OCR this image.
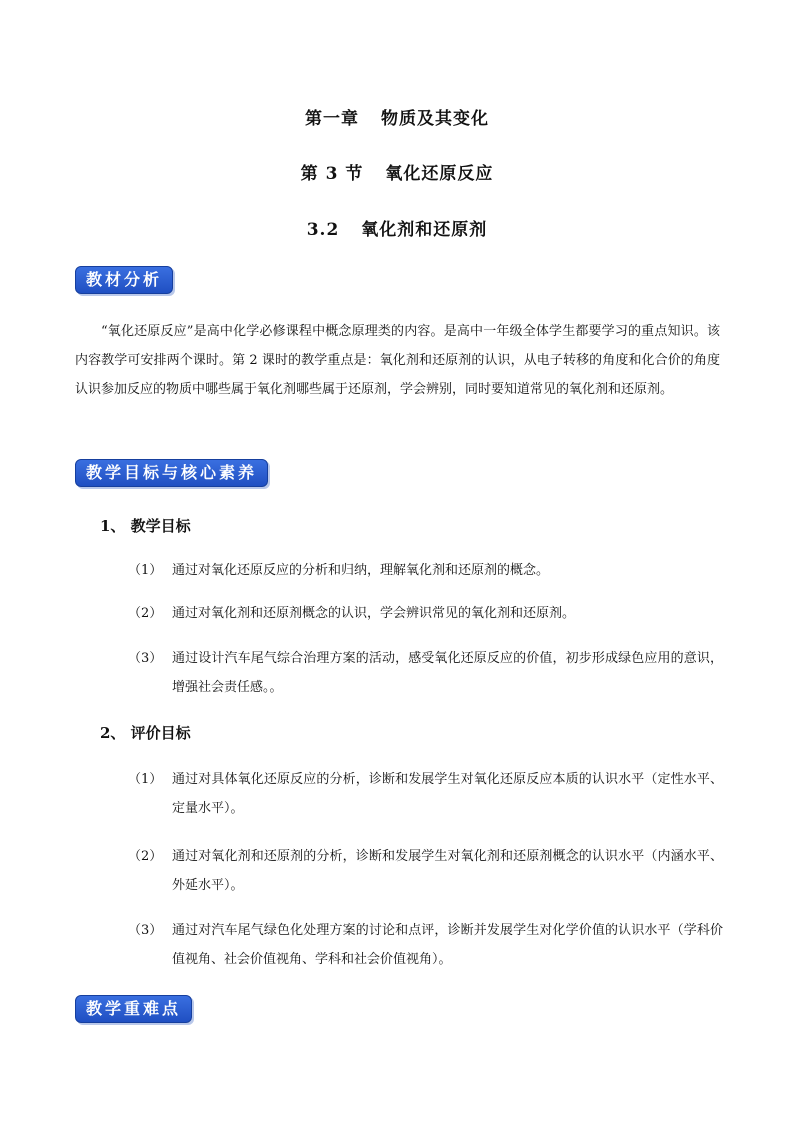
第一章 物质及其变化
第 3 节 氧化还原反应
3.2 氧化剂和还原剂
教材分析
“氧化还原反应”是高中化学必修课程中概念原理类的内容。是高中一年级全体学生都要学习的重点知识。该内容教学可安排两个课时。第 2 课时的教学重点是：氧化剂和还原剂的认识，从电子转移的角度和化合价的角度认识参加反应的物质中哪些属于氧化剂哪些属于还原剂，学会辨别，同时要知道常见的氧化剂和还原剂。
教学目标与核心素养
1、 教学目标
（1） 通过对氧化还原反应的分析和归纳，理解氧化剂和还原剂的概念。
（2） 通过对氧化剂和还原剂概念的认识，学会辨识常见的氧化剂和还原剂。
（3） 通过设计汽车尾气综合治理方案的活动，感受氧化还原反应的价值，初步形成绿色应用的意识，增强社会责任感。。
2、 评价目标
（1） 通过对具体氧化还原反应的分析，诊断和发展学生对氧化还原反应本质的认识水平（定性水平、定量水平）。
（2） 通过对氧化剂和还原剂的分析，诊断和发展学生对氧化剂和还原剂概念的认识水平（内涵水平、外延水平）。
（3） 通过对汽车尾气绿色化处理方案的讨论和点评，诊断并发展学生对化学价值的认识水平（学科价值视角、社会价值视角、学科和社会价值视角）。
教学重难点
